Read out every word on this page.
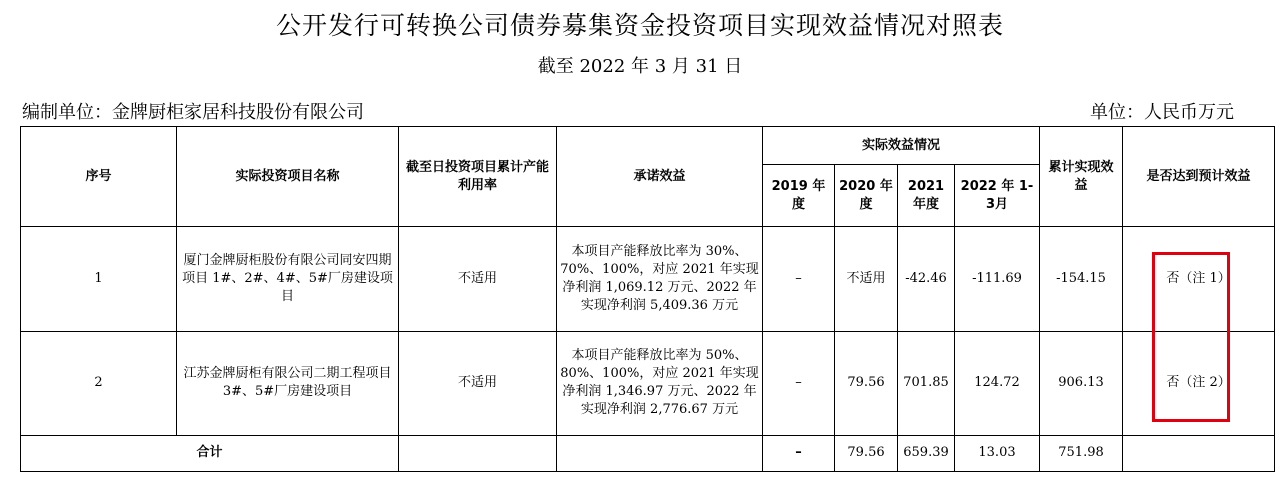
公开发行可转换公司债券募集资金投资项目实现效益情况对照表
截至 2022 年 3 月 31 日
编制单位：金牌厨柜家居科技股份有限公司	单位：人民币万元
序号	实际投资项目名称	截至日投资项目累计产能利用率	承诺效益	实际效益情况				累计实现效益	是否达到预计效益
				2019 年度	2020 年度	2021 年度	2022 年 1-3月		
1	厦门金牌厨柜股份有限公司同安四期项目 1#、2#、4#、5#厂房建设项目	不适用	本项目产能释放比率为 30%、70%、100%，对应 2021 年实现净利润 1,069.12 万元、2022 年实现净利润 5,409.36 万元	–	不适用	-42.46	-111.69	-154.15	否（注 1）
2	江苏金牌厨柜有限公司二期工程项目 3#、5#厂房建设项目	不适用	本项目产能释放比率为 50%、80%、100%，对应 2021 年实现净利润 1,346.97 万元、2022 年实现净利润 2,776.67 万元	–	79.56	701.85	124.72	906.13	否（注 2）
合计				–	79.56	659.39	13.03	751.98	
